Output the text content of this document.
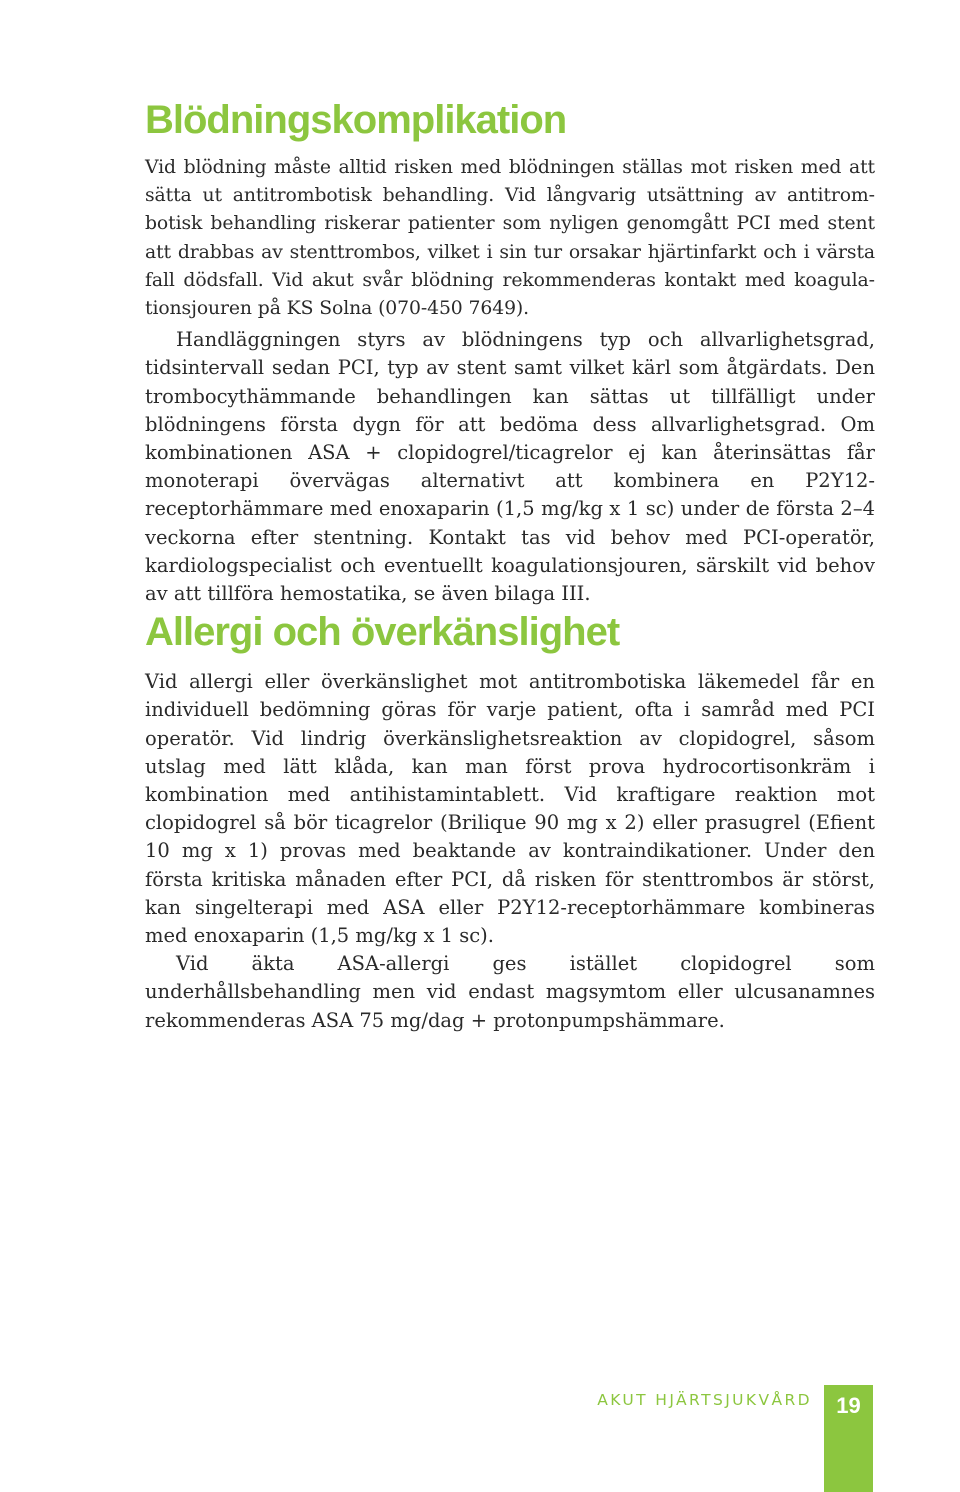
Blödningskomplikation

Vid blödning måste alltid risken med blödningen ställas mot risken med att sätta ut antitrombotisk behandling. Vid långvarig utsättning av antitrombotisk behandling riskerar patienter som nyligen genomgått PCI med stent att drabbas av stenttrombos, vilket i sin tur orsakar hjärtinfarkt och i värsta fall dödsfall. Vid akut svår blödning rekommenderas kontakt med koagulationsjouren på KS Solna (070-450 7649).

Handläggningen styrs av blödningens typ och allvarlighetsgrad, tidsintervall sedan PCI, typ av stent samt vilket kärl som åtgärdats. Den trombocythämmande behandlingen kan sättas ut tillfälligt under blödningens första dygn för att bedöma dess allvarlighetsgrad. Om kombinationen ASA + clopidogrel/ticagrelor ej kan återinsättas får monoterapi övervägas alternativt att kombinera en P2Y12-receptorhämmare med enoxaparin (1,5 mg/kg x 1 sc) under de första 2–4 veckorna efter stentning. Kontakt tas vid behov med PCI-operatör, kardiologspecialist och eventuellt koagulationsjouren, särskilt vid behov av att tillföra hemostatika, se även bilaga III.

Allergi och överkänslighet

Vid allergi eller överkänslighet mot antitrombotiska läkemedel får en individuell bedömning göras för varje patient, ofta i samråd med PCI operatör. Vid lindrig överkänslighetsreaktion av clopidogrel, såsom utslag med lätt klåda, kan man först prova hydrocortisonkräm i kombination med antihistamintablett. Vid kraftigare reaktion mot clopidogrel så bör ticagrelor (Brilique 90 mg x 2) eller prasugrel (Efient 10 mg x 1) provas med beaktande av kontraindikationer. Under den första kritiska månaden efter PCI, då risken för stenttrombos är störst, kan singelterapi med ASA eller P2Y12-receptorhämmare kombineras med enoxaparin (1,5 mg/kg x 1 sc).

Vid äkta ASA-allergi ges istället clopidogrel som underhållsbehandling men vid endast magsymtom eller ulcusanamnes rekommenderas ASA 75 mg/dag + protonpumpshämmare.

AKUT HJÄRTSJUKVÅRD	19
